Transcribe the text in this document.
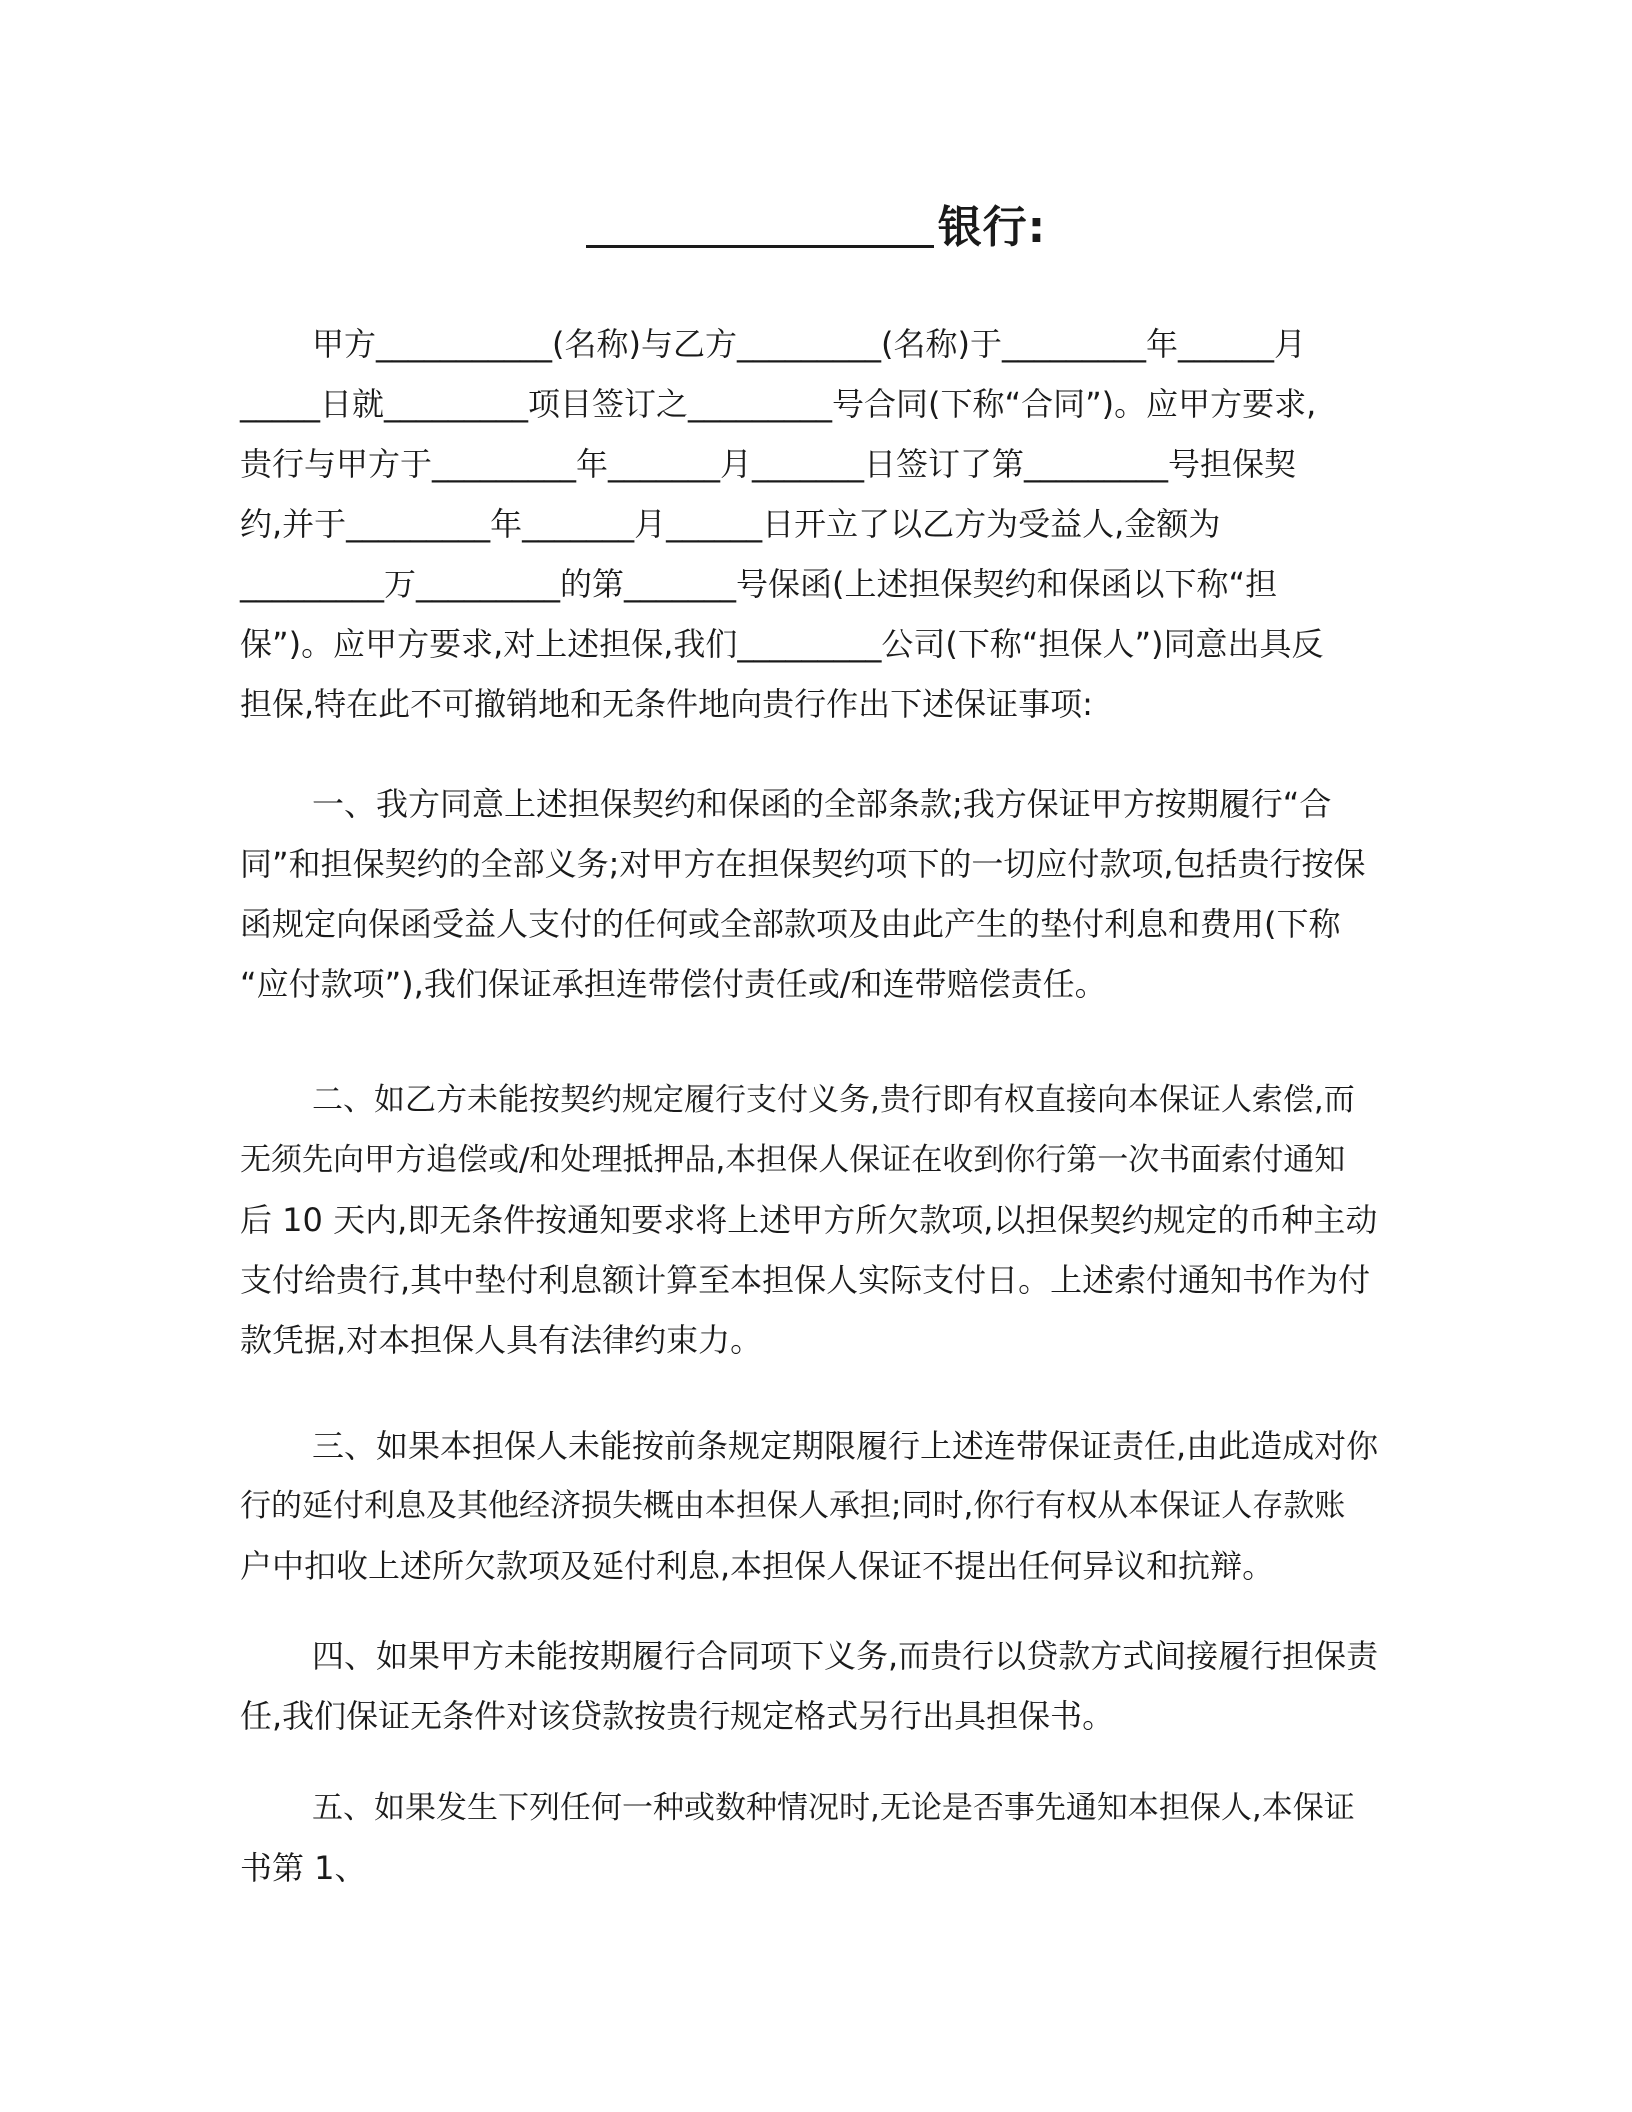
银行:
甲方___________(名称)与乙方_________(名称)于_________年______月
_____日就_________项目签订之_________号合同(下称“合同”)。应甲方要求,
贵行与甲方于_________年_______月_______日签订了第_________号担保契
约,并于_________年_______月______日开立了以乙方为受益人,金额为
_________万_________的第_______号保函(上述担保契约和保函以下称“担
保”)。应甲方要求,对上述担保,我们_________公司(下称“担保人”)同意出具反
担保,特在此不可撤销地和无条件地向贵行作出下述保证事项:
一、我方同意上述担保契约和保函的全部条款;我方保证甲方按期履行“合
同”和担保契约的全部义务;对甲方在担保契约项下的一切应付款项,包括贵行按保
函规定向保函受益人支付的任何或全部款项及由此产生的垫付利息和费用(下称
“应付款项”),我们保证承担连带偿付责任或/和连带赔偿责任。
二、如乙方未能按契约规定履行支付义务,贵行即有权直接向本保证人索偿,而
无须先向甲方追偿或/和处理抵押品,本担保人保证在收到你行第一次书面索付通知
后 10 天内,即无条件按通知要求将上述甲方所欠款项,以担保契约规定的币种主动
支付给贵行,其中垫付利息额计算至本担保人实际支付日。上述索付通知书作为付
款凭据,对本担保人具有法律约束力。
三、如果本担保人未能按前条规定期限履行上述连带保证责任,由此造成对你
行的延付利息及其他经济损失概由本担保人承担;同时,你行有权从本保证人存款账
户中扣收上述所欠款项及延付利息,本担保人保证不提出任何异议和抗辩。
四、如果甲方未能按期履行合同项下义务,而贵行以贷款方式间接履行担保责
任,我们保证无条件对该贷款按贵行规定格式另行出具担保书。
五、如果发生下列任何一种或数种情况时,无论是否事先通知本担保人,本保证
书第 1、
